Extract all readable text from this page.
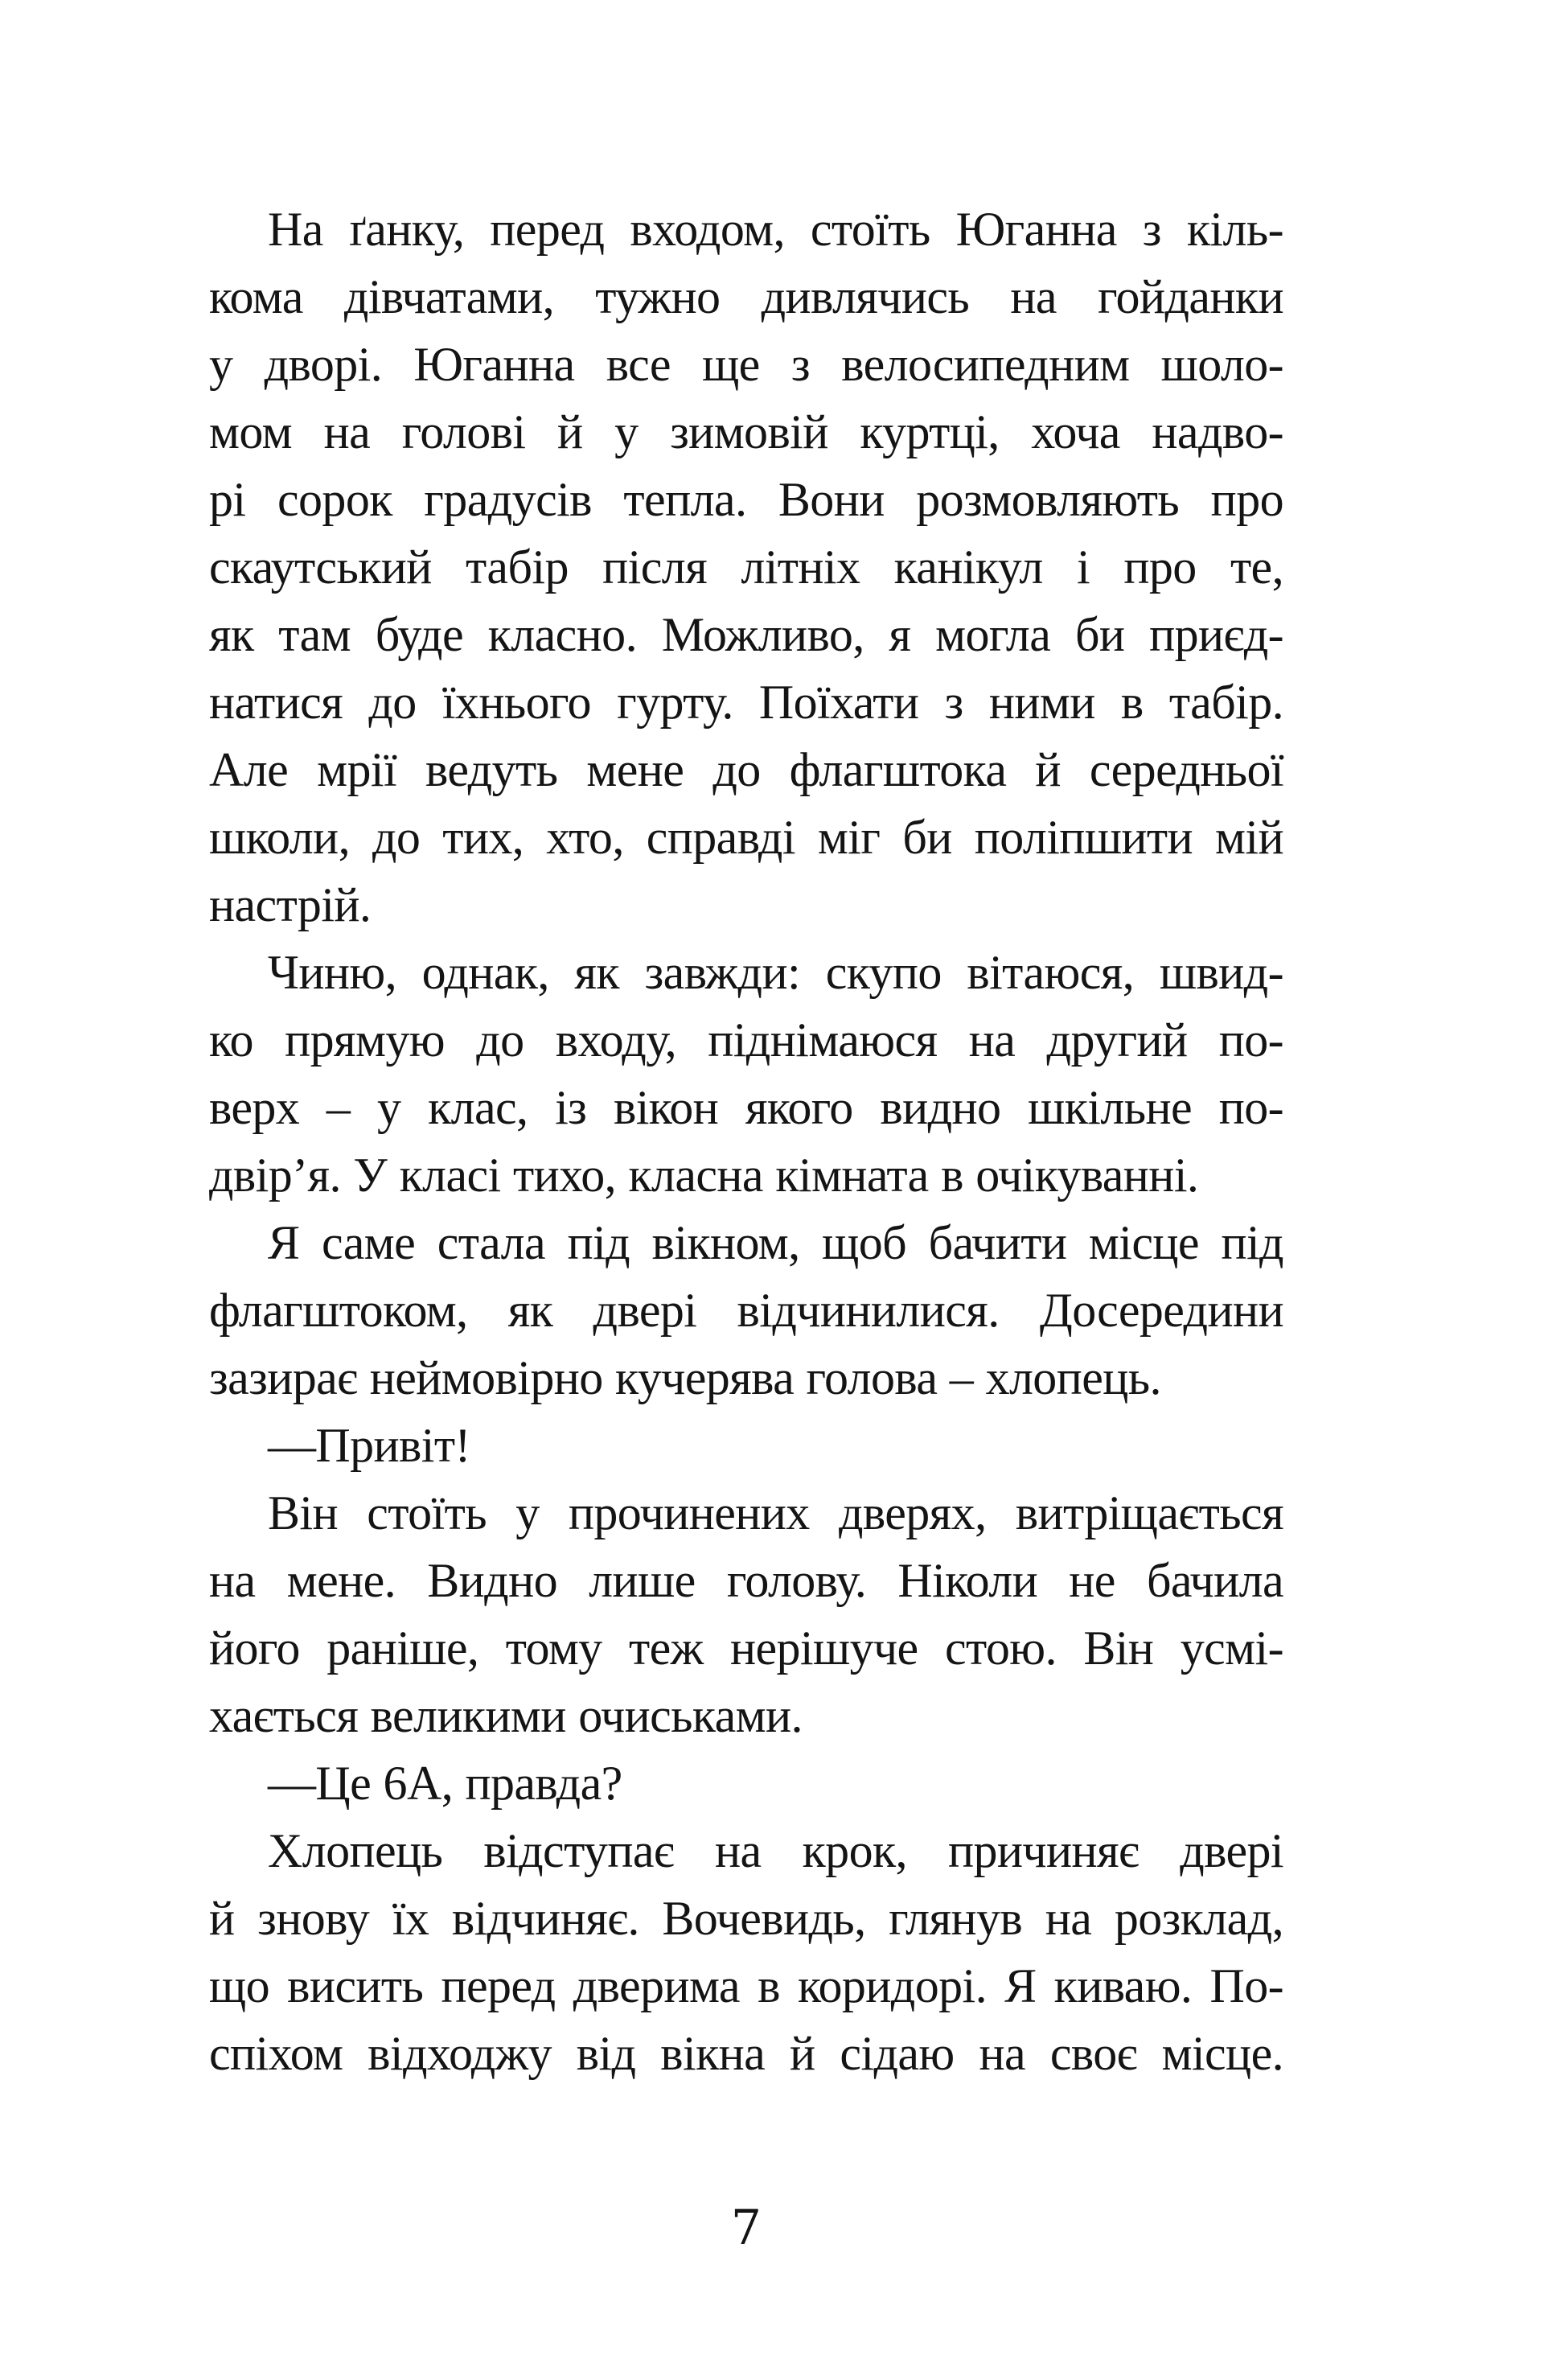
На ґанку, перед входом, стоїть Юганна з кіль-
кома дівчатами, тужно дивлячись на гойданки
у дворі. Юганна все ще з велосипедним шоло-
мом на голові й у зимовій куртці, хоча надво-
рі сорок градусів тепла. Вони розмовляють про
скаутський табір після літніх канікул і про те,
як там буде класно. Можливо, я могла би приєд-
натися до їхнього гурту. Поїхати з ними в табір.
Але мрії ведуть мене до флагштока й середньої
школи, до тих, хто, справді міг би поліпшити мій
настрій.
Чиню, однак, як завжди: скупо вітаюся, швид-
ко прямую до входу, піднімаюся на другий по-
верх – у клас, із вікон якого видно шкільне по-
двір’я. У класі тихо, класна кімната в очікуванні.
Я саме стала під вікном, щоб бачити місце під
флагштоком, як двері відчинилися. Досередини
зазирає неймовірно кучерява голова – хлопець.
—Привіт!
Він стоїть у прочинених дверях, витріщається
на мене. Видно лише голову. Ніколи не бачила
його раніше, тому теж нерішуче стою. Він усмі-
хається великими очиськами.
—Це 6А, правда?
Хлопець відступає на крок, причиняє двері
й знову їх відчиняє. Вочевидь, глянув на розклад,
що висить перед дверима в коридорі. Я киваю. По-
спіхом відходжу від вікна й сідаю на своє місце.
7
